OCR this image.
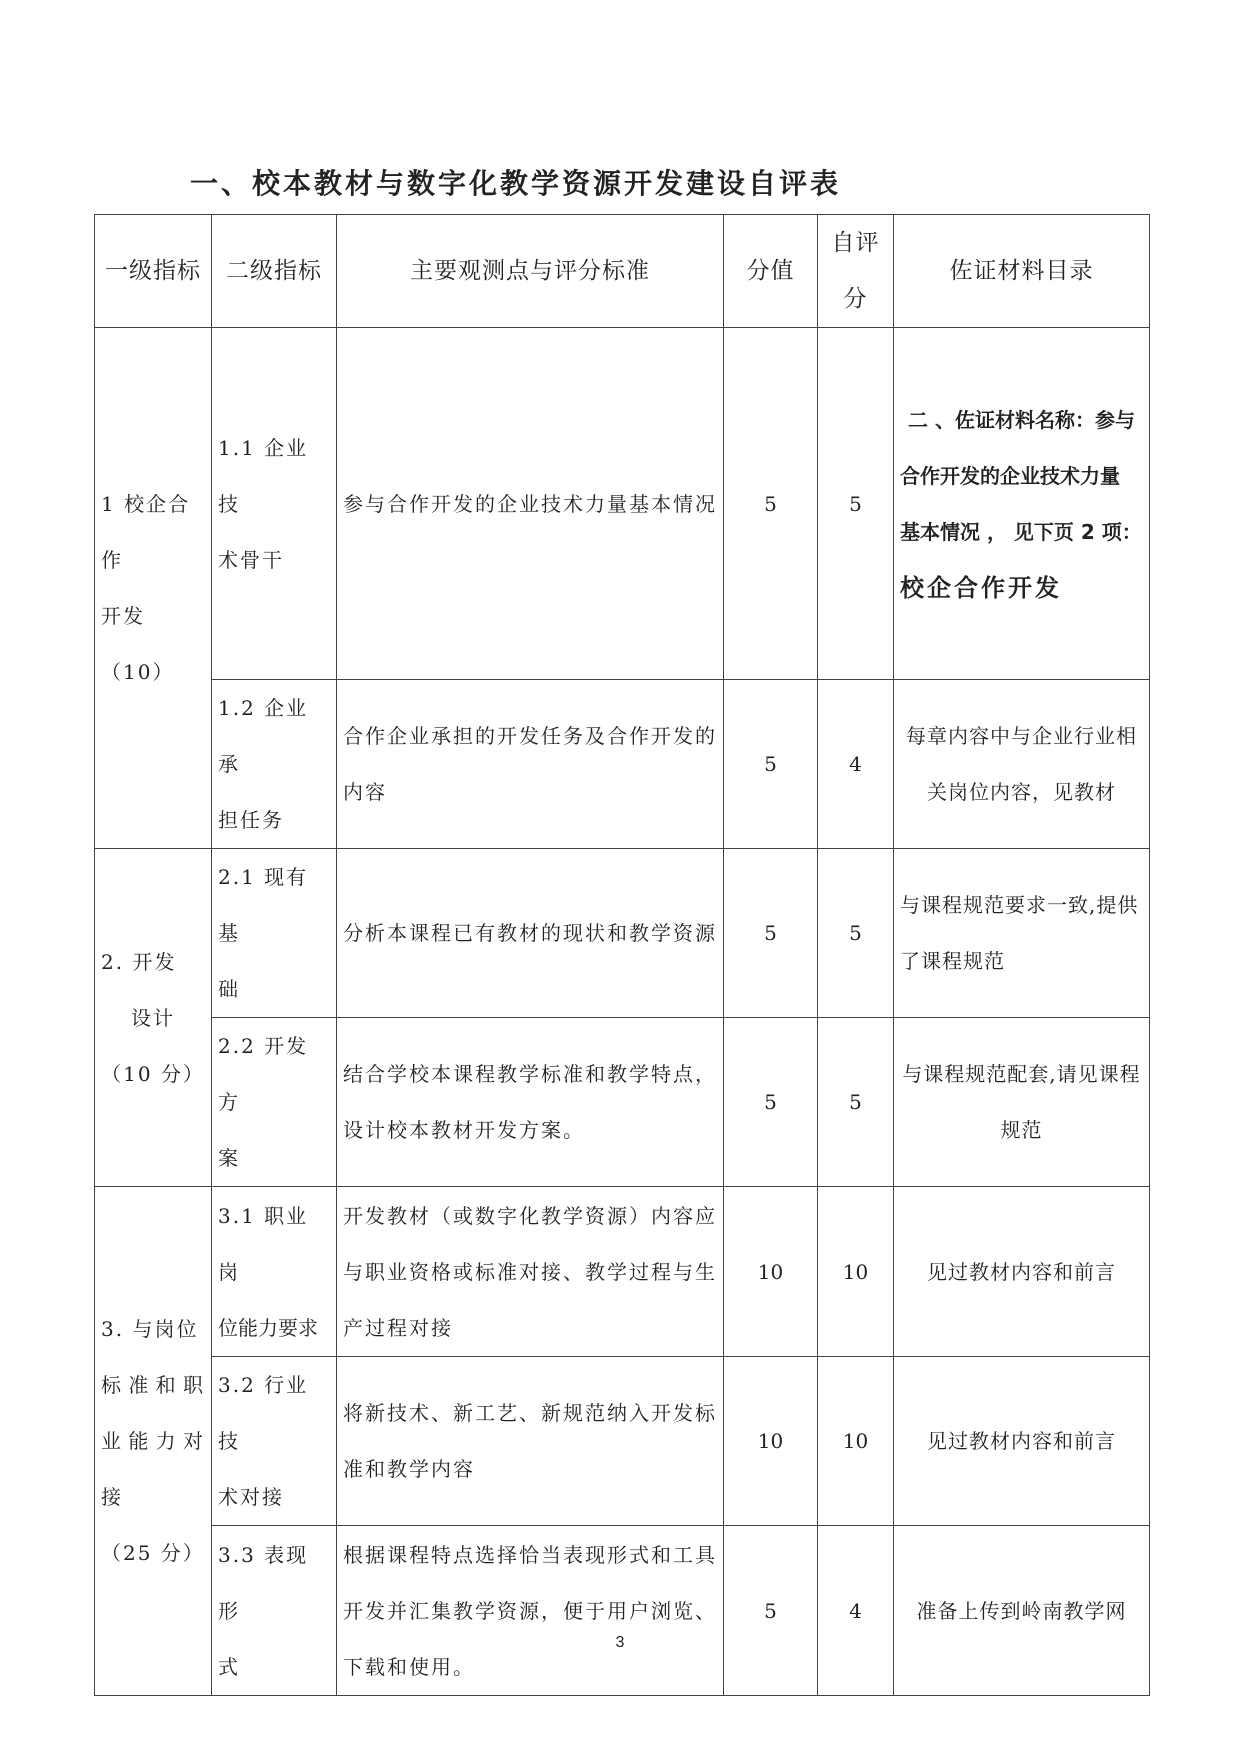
一、校本教材与数字化教学资源开发建设自评表
一级指标	二级指标	主要观测点与评分标准	分值	自评分	佐证材料目录

1 校企合作
开发（10）	1.1 企业技
术骨干	参与合作开发的企业技术力量基本情况	5	5	二 、佐证材料名称：参与
合作开发的企业技术力量
基本情况 ， 见下页 2 项：
校企合作开发

	1.2 企业承
担任务	合作企业承担的开发任务及合作开发的
内容	5	4	每章内容中与企业行业相
关岗位内容，见教材

2. 开发
设计
（10 分）	2.1 现有基
础	分析本课程已有教材的现状和教学资源	5	5	与课程规范要求一致,提供
了课程规范

	2.2 开发方
案	结合学校本课程教学标准和教学特点，
设计校本教材开发方案。	5	5	与课程规范配套,请见课程
规范

3. 与岗位
标准和职
业能力对
接
（25 分）	3.1 职业岗
位能力要求	开发教材（或数字化教学资源）内容应
与职业资格或标准对接、教学过程与生
产过程对接	10	10	见过教材内容和前言

	3.2 行业技
术对接	将新技术、新工艺、新规范纳入开发标
准和教学内容	10	10	见过教材内容和前言

	3.3 表现形
式	根据课程特点选择恰当表现形式和工具
开发并汇集教学资源，便于用户浏览、
下载和使用。	5	4	准备上传到岭南教学网
3
